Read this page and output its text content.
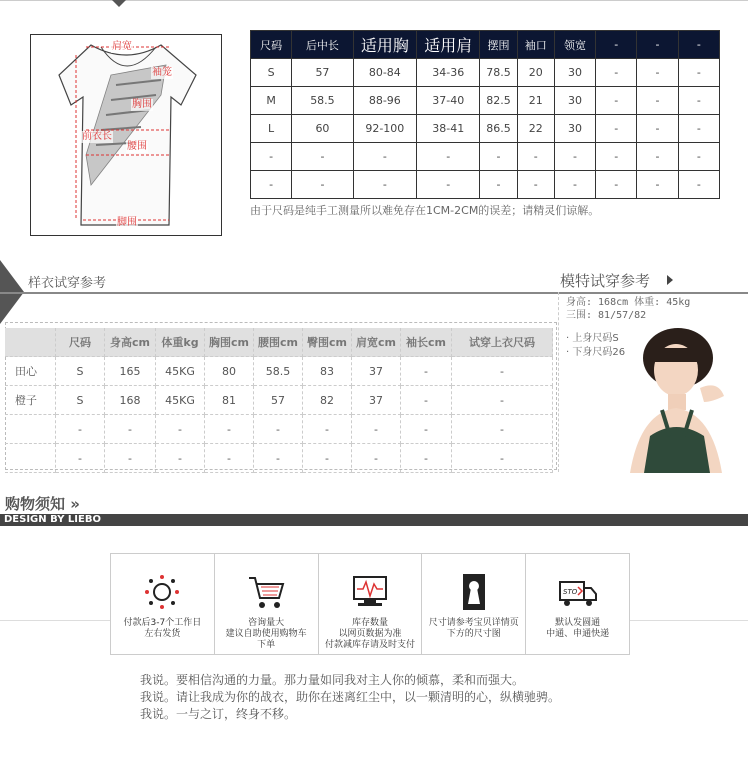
肩宽
袖笼
胸围
前衣长
腰围
脚围
尺码	后中长	适用胸	适用肩	摆围	袖口	领宽	-	-	-
S	57	80-84	34-36	78.5	20	30	-	-	-
M	58.5	88-96	37-40	82.5	21	30	-	-	-
L	60	92-100	38-41	86.5	22	30	-	-	-
-	-	-	-	-	-	-	-	-	-
-	-	-	-	-	-	-	-	-	-
由于尺码是纯手工测量所以难免存在1CM-2CM的误差；请精灵们谅解。
样衣试穿参考	模特试穿参考
	尺码	身高cm	体重kg	胸围cm	腰围cm	臀围cm	肩宽cm	袖长cm	试穿上衣尺码
田心	S	165	45KG	80	58.5	83	37	-	-
橙子	S	168	45KG	81	57	82	37	-	-
	-	-	-	-	-	-	-	-	-
	-	-	-	-	-	-	-	-	-
身高: 168cm 体重: 45kg
三围: 81/57/82
· 上身尺码S
· 下身尺码26
购物须知 »
DESIGN BY LIEBO
付款后3-7个工作日
左右发货
咨询量大
建议自助使用购物车
下单
库存数量
以网页数据为准
付款减库存请及时支付
尺寸请参考宝贝详情页
下方的尺寸图
STO
默认发圆通
中通、申通快递
我说。要相信沟通的力量。那力量如同我对主人你的倾慕，柔和而强大。
我说。请让我成为你的战衣，助你在迷离红尘中，以一颗清明的心，纵横驰骋。
我说。一与之订，终身不移。
